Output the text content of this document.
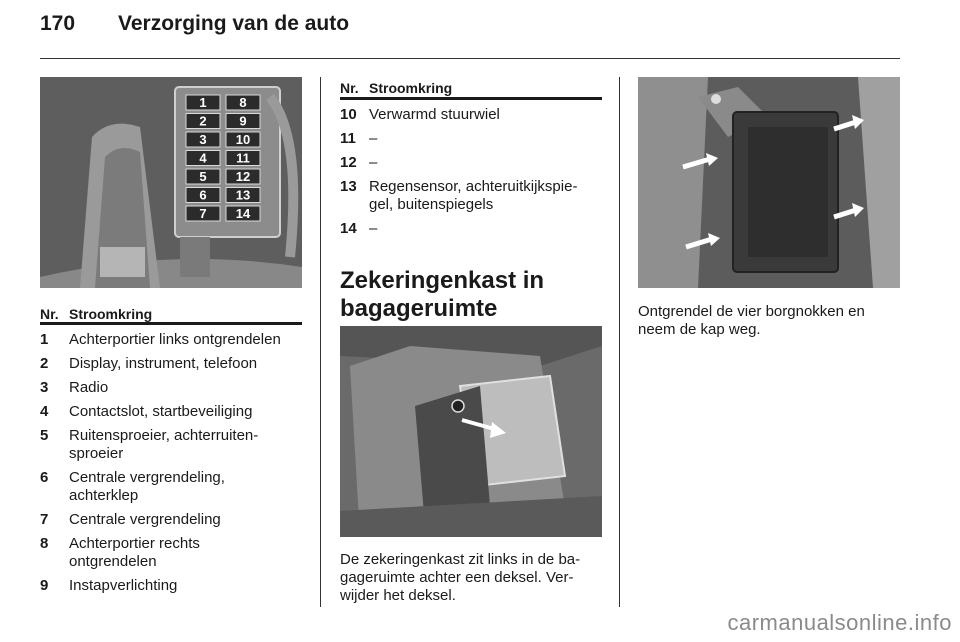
170 Verzorging van de auto
1
2
3
4
5
6
7
8
9
10
11
12
13
14
Nr. Stroomkring
1	Achterportier links ontgrendelen
2	Display, instrument, telefoon
3	Radio
4	Contactslot, startbeveiliging
5	Ruitensproeier, achterruiten-
sproeier
6	Centrale vergrendeling,
achterklep
7	Centrale vergrendeling
8	Achterportier rechts
ontgrendelen
9	Instapverlichting
Nr. Stroomkring
10 Verwarmd stuurwiel
11 –
12 –
13 Regensensor, achteruitkijkspie-
gel, buitenspiegels
14 –
Zekeringenkast in
bagageruimte
De zekeringenkast zit links in de ba-
gageruimte achter een deksel. Ver-
wijder het deksel.
Ontgrendel de vier borgnokken en
neem de kap weg.
carmanualsonline.info
